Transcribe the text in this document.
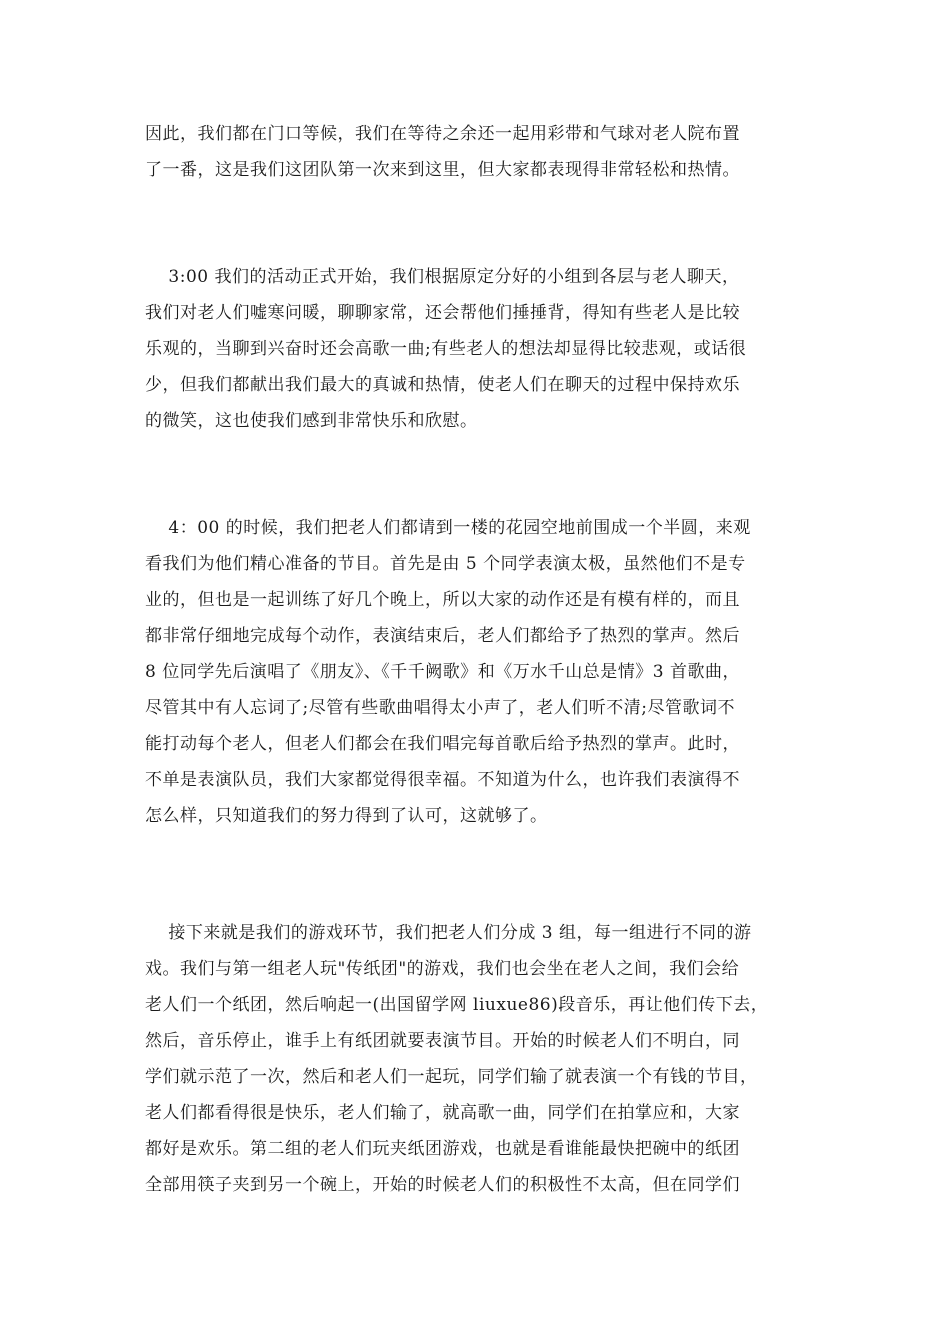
因此，我们都在门口等候，我们在等待之余还一起用彩带和气球对老人院布置
了一番，这是我们这团队第一次来到这里，但大家都表现得非常轻松和热情。

　 3:00 我们的活动正式开始，我们根据原定分好的小组到各层与老人聊天，
我们对老人们嘘寒问暖，聊聊家常，还会帮他们捶捶背，得知有些老人是比较
乐观的，当聊到兴奋时还会高歌一曲;有些老人的想法却显得比较悲观，或话很
少，但我们都献出我们最大的真诚和热情，使老人们在聊天的过程中保持欢乐
的微笑，这也使我们感到非常快乐和欣慰。

　 4：00 的时候，我们把老人们都请到一楼的花园空地前围成一个半圆，来观
看我们为他们精心准备的节目。首先是由 5 个同学表演太极，虽然他们不是专
业的，但也是一起训练了好几个晚上，所以大家的动作还是有模有样的，而且
都非常仔细地完成每个动作，表演结束后，老人们都给予了热烈的掌声。然后
8 位同学先后演唱了《朋友》、《千千阙歌》和《万水千山总是情》3 首歌曲，
尽管其中有人忘词了;尽管有些歌曲唱得太小声了，老人们听不清;尽管歌词不
能打动每个老人，但老人们都会在我们唱完每首歌后给予热烈的掌声。此时，
不单是表演队员，我们大家都觉得很幸福。不知道为什么，也许我们表演得不
怎么样，只知道我们的努力得到了认可，这就够了。

　 接下来就是我们的游戏环节，我们把老人们分成 3 组，每一组进行不同的游
戏。我们与第一组老人玩"传纸团"的游戏，我们也会坐在老人之间，我们会给
老人们一个纸团，然后响起一(出国留学网 liuxue86)段音乐，再让他们传下去，
然后，音乐停止，谁手上有纸团就要表演节目。开始的时候老人们不明白，同
学们就示范了一次，然后和老人们一起玩，同学们输了就表演一个有钱的节目，
老人们都看得很是快乐，老人们输了，就高歌一曲，同学们在拍掌应和，大家
都好是欢乐。第二组的老人们玩夹纸团游戏，也就是看谁能最快把碗中的纸团
全部用筷子夹到另一个碗上，开始的时候老人们的积极性不太高，但在同学们
